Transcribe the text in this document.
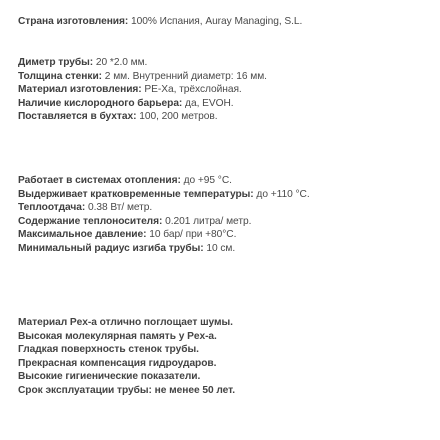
Страна изготовления: 100% Испания, Auray Managing, S.L.
Диметр трубы: 20 *2.0 мм.
Толщина стенки: 2 мм. Внутренний диаметр: 16 мм.
Материал изготовления: PE-Xa, трёхслойная.
Наличие кислородного барьера: да, EVOH.
Поставляется в бухтах: 100, 200 метров.
Работает в системах отопления: до +95 °C.
Выдерживает кратковременные температуры: до +110 °C.
Теплоотдача: 0.38 Вт/ метр.
Содержание теплоносителя: 0.201 литра/ метр.
Максимальное давление: 10 бар/ при +80°C.
Минимальный радиус изгиба трубы: 10 см.
Материал Pex-a отлично поглощает шумы.
Высокая молекулярная память у Pex-a.
Гладкая поверхность стенок трубы.
Прекрасная компенсация гидроударов.
Высокие гигиенические показатели.
Срок эксплуатации трубы: не менее 50 лет.
